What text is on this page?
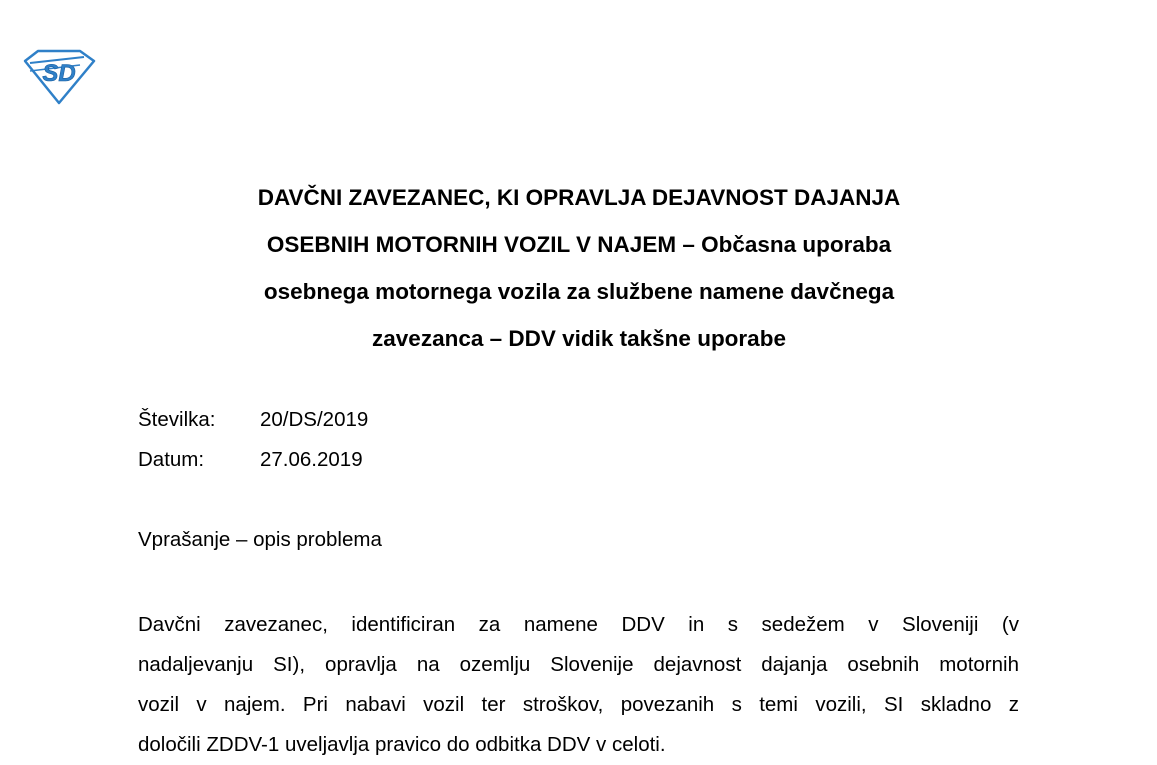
SD
DAVČNI ZAVEZANEC, KI OPRAVLJA DEJAVNOST DAJANJA
OSEBNIH MOTORNIH VOZIL V NAJEM – Občasna uporaba
osebnega motornega vozila za službene namene davčnega
zavezanca – DDV vidik takšne uporabe
Številka: 20/DS/2019
Datum:	27.06.2019
Vprašanje – opis problema
Davčni zavezanec, identificiran za namene DDV in s sedežem v Sloveniji (v
nadaljevanju SI), opravlja na ozemlju Slovenije dejavnost dajanja osebnih motornih
vozil v najem. Pri nabavi vozil ter stroškov, povezanih s temi vozili, SI skladno z
določili ZDDV-1 uveljavlja pravico do odbitka DDV v celoti.
